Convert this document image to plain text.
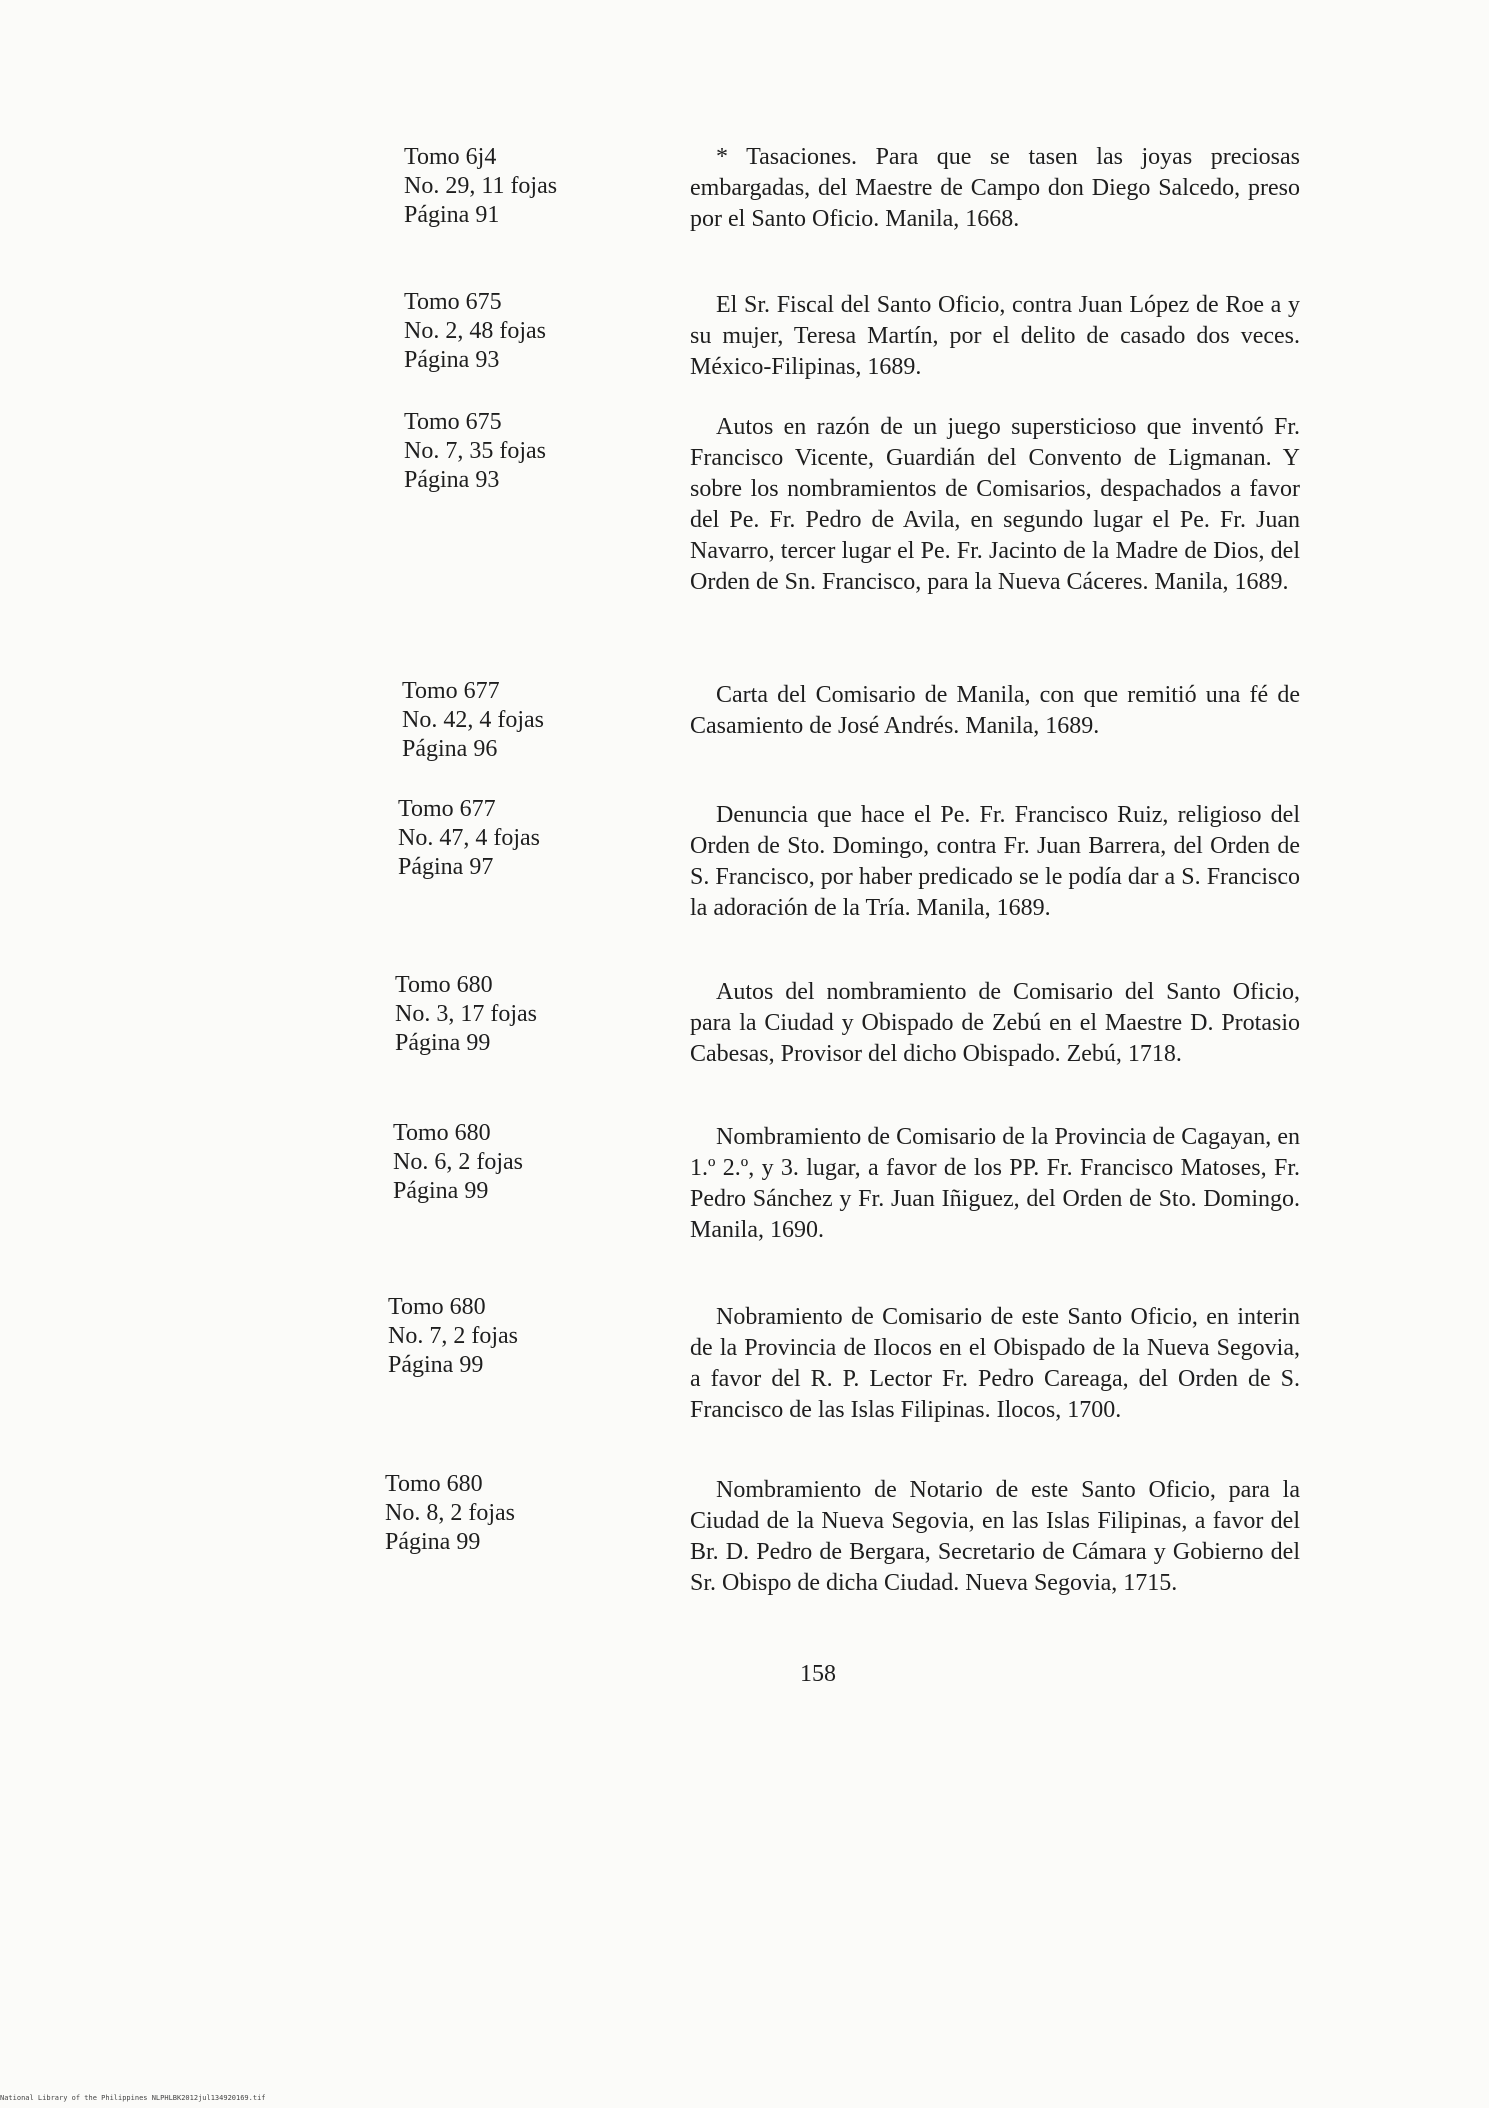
Tomo 6j4
No. 29, 11 fojas
Página 91
* Tasaciones. Para que se tasen las joyas preciosas embargadas, del Maestre de Campo don Diego Salcedo, preso por el Santo Oficio. Manila, 1668.
Tomo 675
No. 2, 48 fojas
Página 93
El Sr. Fiscal del Santo Oficio, contra Juan López de Roe a y su mujer, Teresa Martín, por el delito de casado dos veces. México-Filipinas, 1689.
Tomo 675
No. 7, 35 fojas
Página 93
Autos en razón de un juego supersticioso que inventó Fr. Francisco Vicente, Guardián del Convento de Ligmanan. Y sobre los nombramientos de Comisarios, despachados a favor del Pe. Fr. Pedro de Avila, en segundo lugar el Pe. Fr. Juan Navarro, tercer lugar el Pe. Fr. Jacinto de la Madre de Dios, del Orden de Sn. Francisco, para la Nueva Cáceres. Manila, 1689.
Tomo 677
No. 42, 4 fojas
Página 96
Carta del Comisario de Manila, con que remitió una fé de Casamiento de José Andrés. Manila, 1689.
Tomo 677
No. 47, 4 fojas
Página 97
Denuncia que hace el Pe. Fr. Francisco Ruiz, religioso del Orden de Sto. Domingo, contra Fr. Juan Barrera, del Orden de S. Francisco, por haber predicado se le podía dar a S. Francisco la adoración de la Tría. Manila, 1689.
Tomo 680
No. 3, 17 fojas
Página 99
Autos del nombramiento de Comisario del Santo Oficio, para la Ciudad y Obispado de Zebú en el Maestre D. Protasio Cabesas, Provisor del dicho Obispado. Zebú, 1718.
Tomo 680
No. 6, 2 fojas
Página 99
Nombramiento de Comisario de la Provincia de Cagayan, en 1.º 2.º, y 3. lugar, a favor de los PP. Fr. Francisco Matoses, Fr. Pedro Sánchez y Fr. Juan Iñiguez, del Orden de Sto. Domingo. Manila, 1690.
Tomo 680
No. 7, 2 fojas
Página 99
Nobramiento de Comisario de este Santo Oficio, en interin de la Provincia de Ilocos en el Obispado de la Nueva Segovia, a favor del R. P. Lector Fr. Pedro Careaga, del Orden de S. Francisco de las Islas Filipinas. Ilocos, 1700.
Tomo 680
No. 8, 2 fojas
Página 99
Nombramiento de Notario de este Santo Oficio, para la Ciudad de la Nueva Segovia, en las Islas Filipinas, a favor del Br. D. Pedro de Bergara, Secretario de Cámara y Gobierno del Sr. Obispo de dicha Ciudad. Nueva Segovia, 1715.
158
National Library of the Philippines NLPHLBK2012jul134920169.tif
